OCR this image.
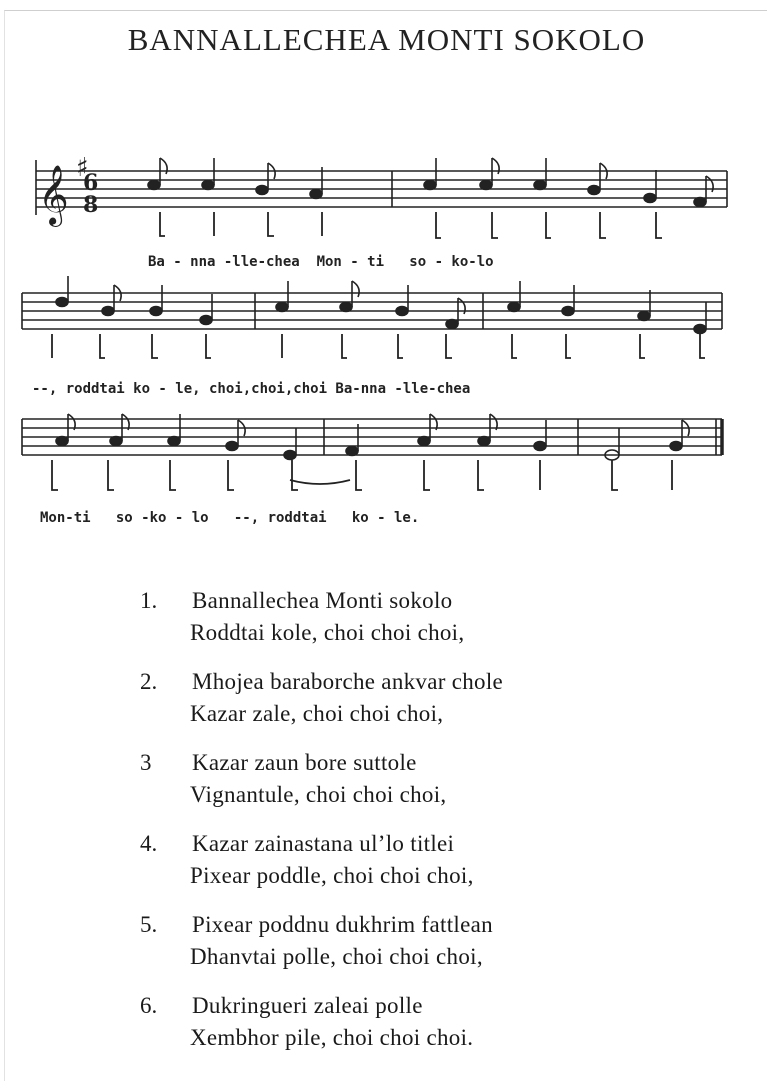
BANNALLECHEA MONTI SOKOLO
𝄞 6
8
♯
Ba - nna -lle-chea  Mon - ti   so - ko-lo
--, roddtai ko - le, choi,choi,choi Ba-nna -lle-chea
Mon-ti   so -ko - lo   --, roddtai   ko - le.
1.	Bannallechea Monti sokolo
Roddtai kole, choi choi choi,
2.	Mhojea baraborche ankvar chole
Kazar zale, choi choi choi,
3	Kazar zaun bore suttole
Vignantule, choi choi choi,
4.	Kazar zainastana ul’lo titlei
Pixear poddle, choi choi choi,
5.	Pixear poddnu dukhrim fattlean
Dhanvtai polle, choi choi choi,
6.	Dukringueri zaleai polle
Xembhor pile, choi choi choi.
